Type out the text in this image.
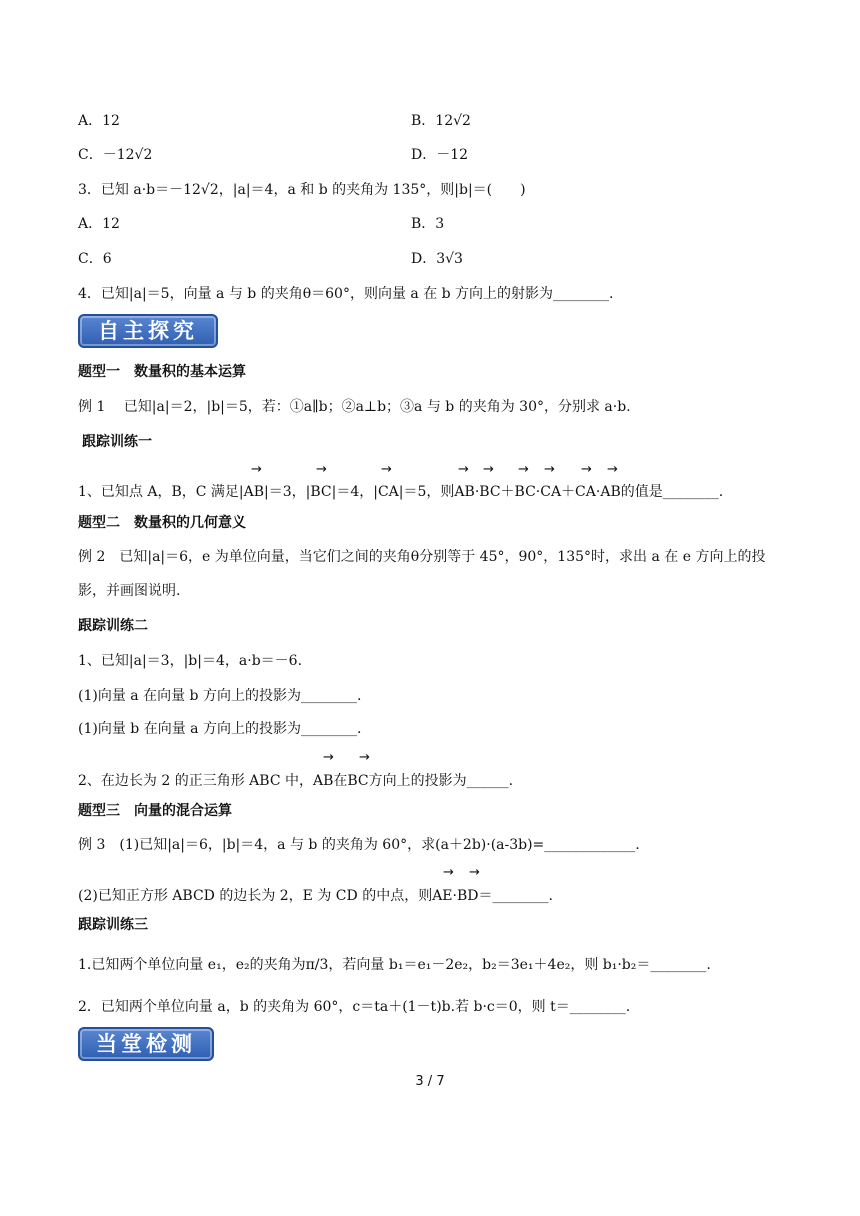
A．12	B．12√2
C．－12√2	D．－12
3．已知 a·b＝－12√2，|a|＝4，a 和 b 的夹角为 135°，则|b|＝(　　)
A．12	B．3
C．6	D．3√3
4．已知|a|＝5，向量 a 与 b 的夹角θ＝60°，则向量 a 在 b 方向上的射影为________.
自主探究
题型一　数量积的基本运算
例 1　 已知|a|＝2，|b|＝5，若：①a∥b；②a⊥b；③a 与 b 的夹角为 30°，分别求 a·b.
跟踪训练一
→	→	→	→ → → → → →
1、已知点 A，B，C 满足|AB|＝3，|BC|＝4，|CA|＝5，则AB·BC＋BC·CA＋CA·AB的值是________.
题型二　数量积的几何意义
例 2　已知|a|＝6，e 为单位向量，当它们之间的夹角θ分别等于 45°，90°，135°时，求出 a 在 e 方向上的投
影，并画图说明.
跟踪训练二
1、已知|a|＝3，|b|＝4，a·b＝－6.
(1)向量 a 在向量 b 方向上的投影为________.
(1)向量 b 在向量 a 方向上的投影为________.
→ →
2、在边长为 2 的正三角形 ABC 中，AB在BC方向上的投影为______.
题型三　向量的混合运算
例 3　(1)已知|a|＝6，|b|＝4，a 与 b 的夹角为 60°，求(a＋2b)·(a-3b)=_____________.
→ →
(2)已知正方形 ABCD 的边长为 2，E 为 CD 的中点，则AE·BD＝________.
跟踪训练三
1.已知两个单位向量 e₁，e₂的夹角为π/3，若向量 b₁＝e₁－2e₂，b₂＝3e₁＋4e₂，则 b₁·b₂＝________.
2．已知两个单位向量 a，b 的夹角为 60°，c＝ta＋(1－t)b.若 b·c＝0，则 t＝________.
当堂检测
3 / 7
